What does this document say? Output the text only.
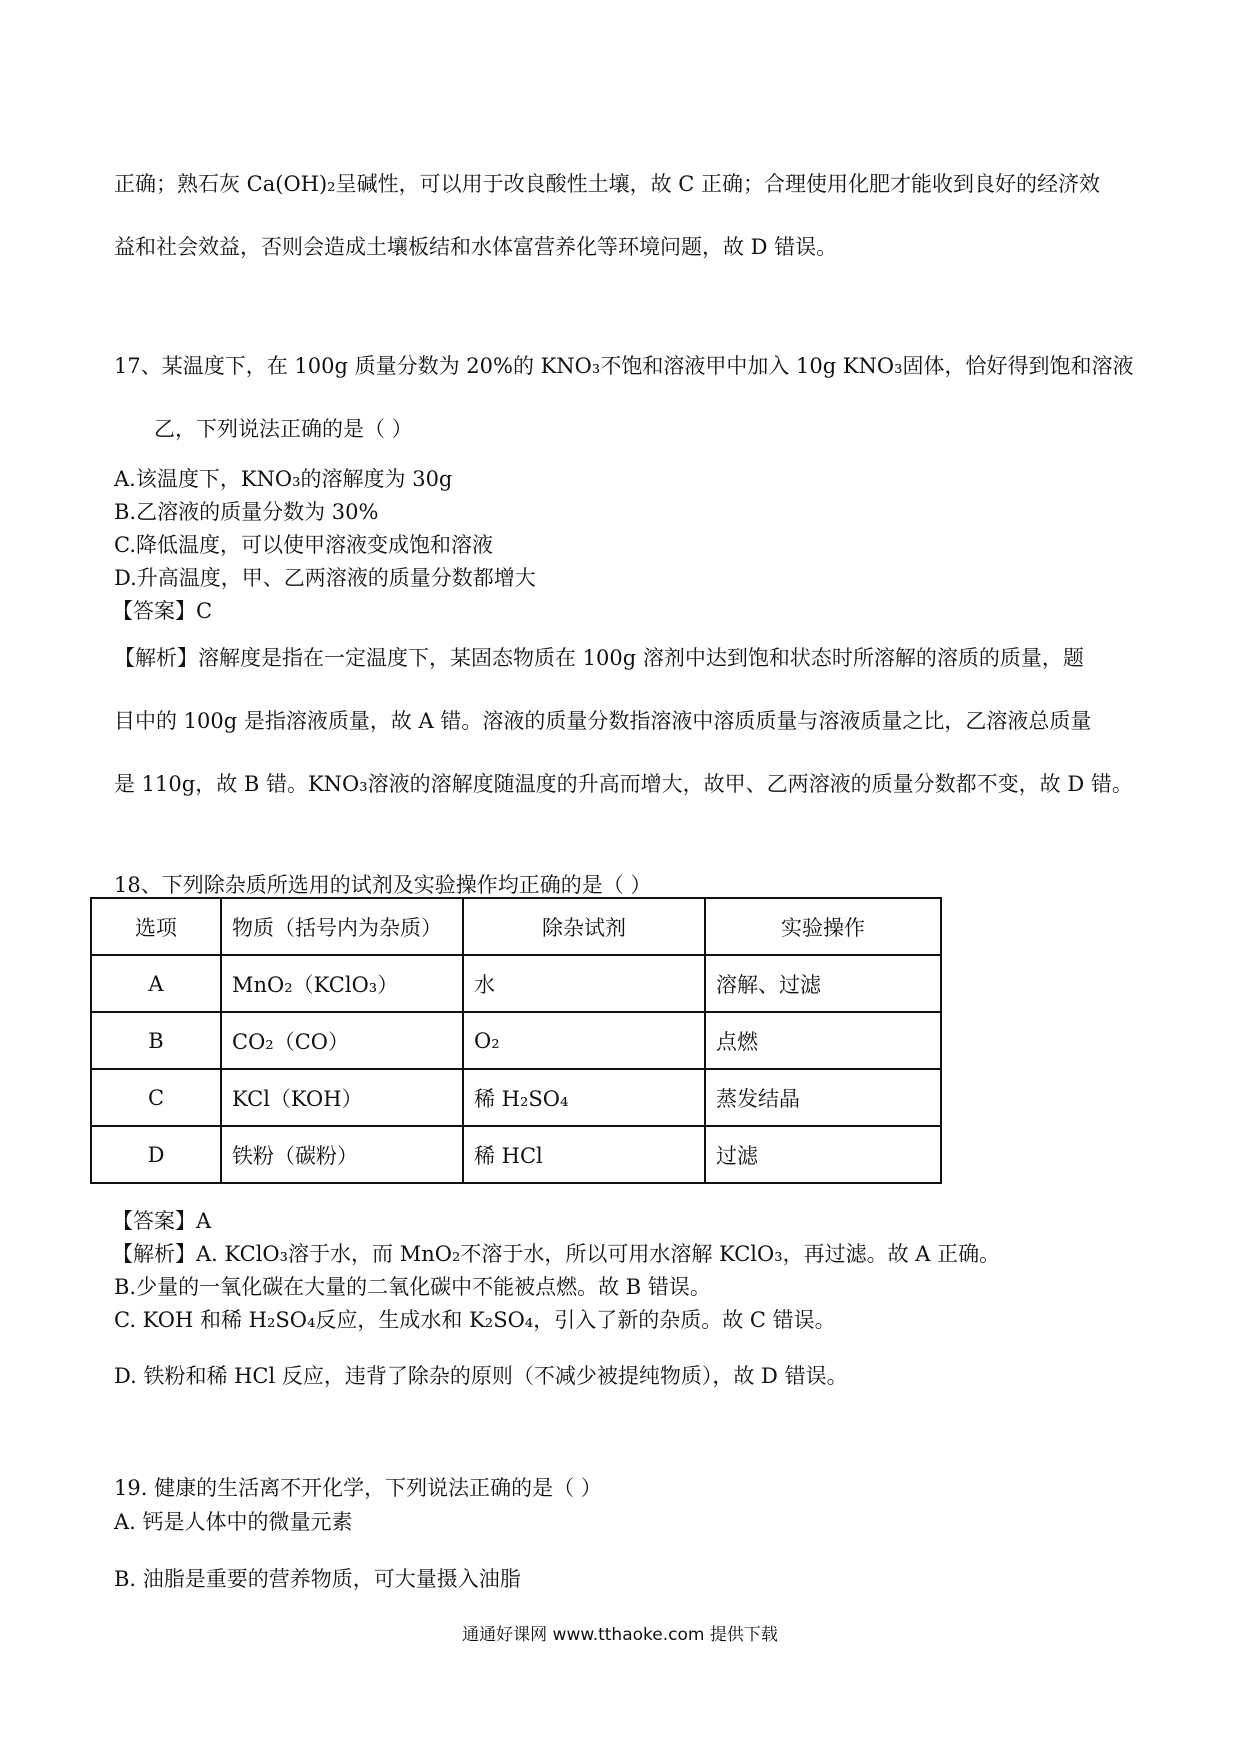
正确；熟石灰 Ca(OH)₂呈碱性，可以用于改良酸性土壤，故 C 正确；合理使用化肥才能收到良好的经济效
益和社会效益，否则会造成土壤板结和水体富营养化等环境问题，故 D 错误。
17、某温度下，在 100g 质量分数为 20%的 KNO₃不饱和溶液甲中加入 10g KNO₃固体，恰好得到饱和溶液
乙，下列说法正确的是（ ）
A.该温度下，KNO₃的溶解度为 30g
B.乙溶液的质量分数为 30%
C.降低温度，可以使甲溶液变成饱和溶液
D.升高温度，甲、乙两溶液的质量分数都增大
【答案】C
【解析】溶解度是指在一定温度下，某固态物质在 100g 溶剂中达到饱和状态时所溶解的溶质的质量，题
目中的 100g 是指溶液质量，故 A 错。溶液的质量分数指溶液中溶质质量与溶液质量之比，乙溶液总质量
是 110g，故 B 错。KNO₃溶液的溶解度随温度的升高而增大，故甲、乙两溶液的质量分数都不变，故 D 错。
18、下列除杂质所选用的试剂及实验操作均正确的是（ ）
选项	物质（括号内为杂质）	除杂试剂	实验操作
A	MnO₂（KClO₃）	水	溶解、过滤
B	CO₂（CO）	O₂	点燃
C	KCl（KOH）	稀 H₂SO₄	蒸发结晶
D	铁粉（碳粉）	稀 HCl	过滤
【答案】A
【解析】A. KClO₃溶于水，而 MnO₂不溶于水，所以可用水溶解 KClO₃，再过滤。故 A 正确。
B.少量的一氧化碳在大量的二氧化碳中不能被点燃。故 B 错误。
C. KOH 和稀 H₂SO₄反应，生成水和 K₂SO₄，引入了新的杂质。故 C 错误。
D. 铁粉和稀 HCl 反应，违背了除杂的原则（不减少被提纯物质），故 D 错误。
19. 健康的生活离不开化学，下列说法正确的是（ ）
A. 钙是人体中的微量元素
B. 油脂是重要的营养物质，可大量摄入油脂
通通好课网 www.tthaoke.com 提供下载
